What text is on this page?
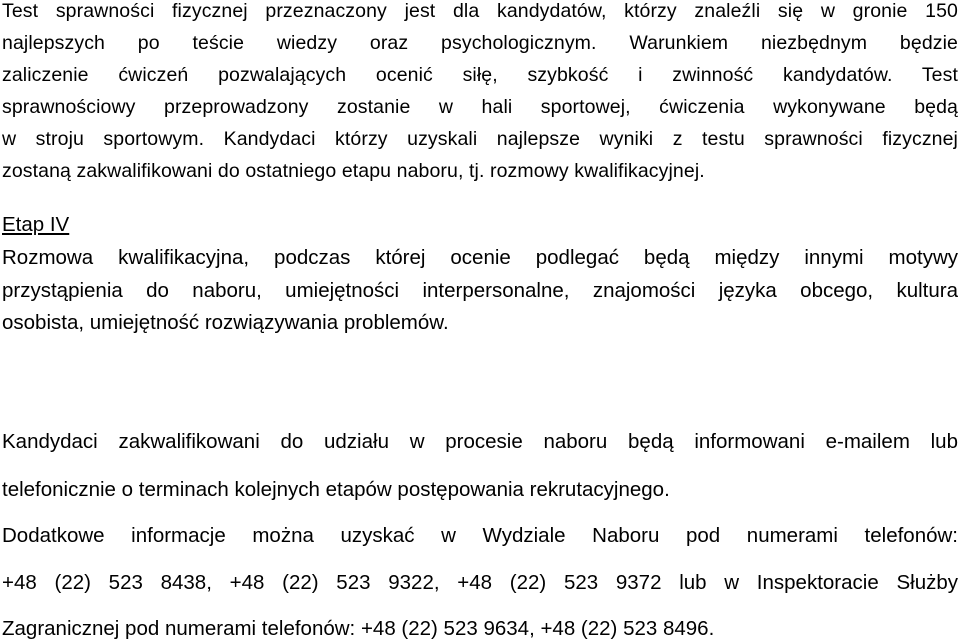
Test sprawności fizycznej przeznaczony jest dla kandydatów, którzy znaleźli się w gronie 150
najlepszych po teście wiedzy oraz psychologicznym. Warunkiem niezbędnym będzie
zaliczenie ćwiczeń pozwalających ocenić siłę, szybkość i zwinność kandydatów. Test
sprawnościowy przeprowadzony zostanie w hali sportowej, ćwiczenia wykonywane będą
w stroju sportowym. Kandydaci którzy uzyskali najlepsze wyniki z testu sprawności fizycznej
zostaną zakwalifikowani do ostatniego etapu naboru, tj. rozmowy kwalifikacyjnej.
Etap IV
Rozmowa kwalifikacyjna, podczas której ocenie podlegać będą między innymi motywy
przystąpienia do naboru, umiejętności interpersonalne, znajomości języka obcego, kultura
osobista, umiejętność rozwiązywania problemów.
Kandydaci zakwalifikowani do udziału w procesie naboru będą informowani e-mailem lub
telefonicznie o terminach kolejnych etapów postępowania rekrutacyjnego.
Dodatkowe informacje można uzyskać w Wydziale Naboru pod numerami telefonów:
+48 (22) 523 8438, +48 (22) 523 9322, +48 (22) 523 9372 lub w Inspektoracie Służby
Zagranicznej pod numerami telefonów: +48 (22) 523 9634, +48 (22) 523 8496.
